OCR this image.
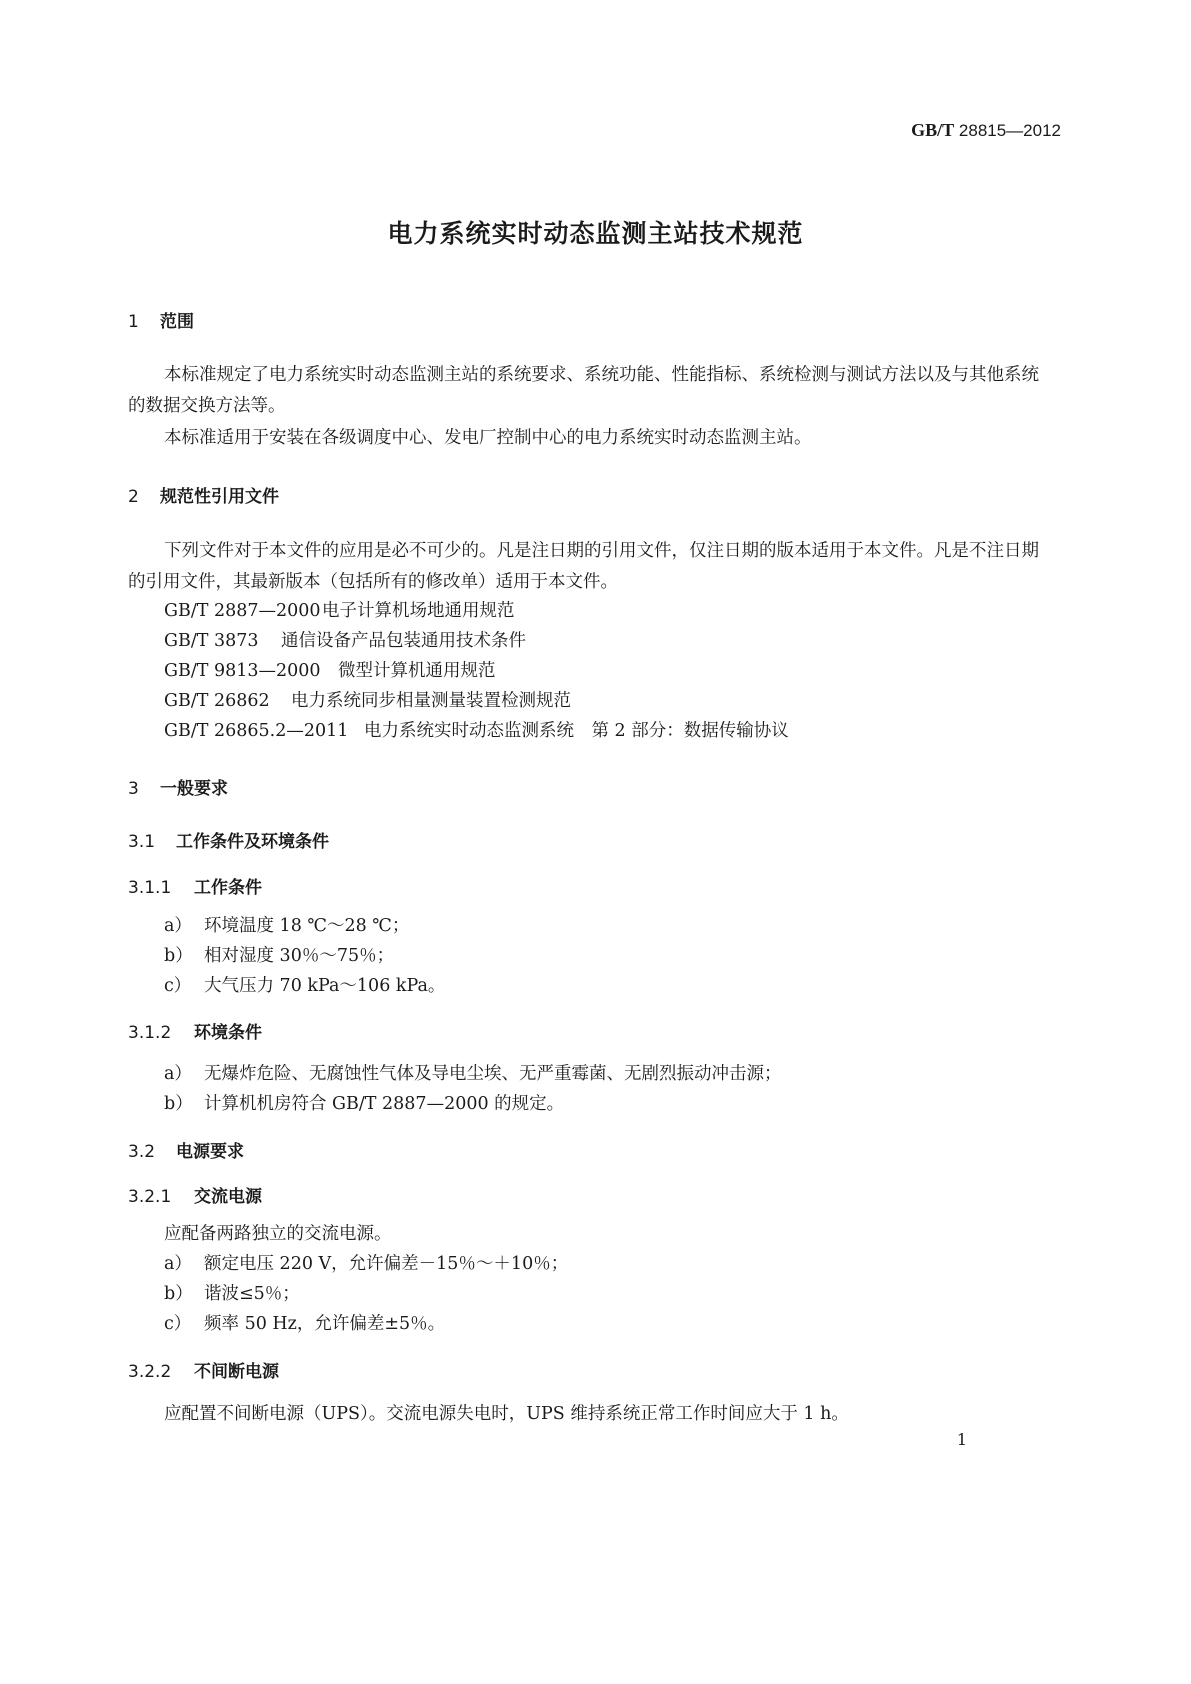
GB/T 28815—2012
电力系统实时动态监测主站技术规范
1 范围
本标准规定了电力系统实时动态监测主站的系统要求、系统功能、性能指标、系统检测与测试方法以及与其他系统的数据交换方法等。
本标准适用于安装在各级调度中心、发电厂控制中心的电力系统实时动态监测主站。
2 规范性引用文件
下列文件对于本文件的应用是必不可少的。凡是注日期的引用文件，仅注日期的版本适用于本文件。凡是不注日期的引用文件，其最新版本（包括所有的修改单）适用于本文件。
GB/T 2887—2000电子计算机场地通用规范
GB/T 3873 通信设备产品包装通用技术条件
GB/T 9813—2000 微型计算机通用规范
GB/T 26862 电力系统同步相量测量装置检测规范
GB/T 26865.2—2011 电力系统实时动态监测系统　第 2 部分：数据传输协议
3 一般要求
3.1 工作条件及环境条件
3.1.1 工作条件
a） 环境温度 18 ℃～28 ℃；
b） 相对湿度 30％～75％；
c） 大气压力 70 kPa～106 kPa。
3.1.2 环境条件
a） 无爆炸危险、无腐蚀性气体及导电尘埃、无严重霉菌、无剧烈振动冲击源；
b） 计算机机房符合 GB/T 2887—2000 的规定。
3.2 电源要求
3.2.1 交流电源
应配备两路独立的交流电源。
a） 额定电压 220 V，允许偏差－15％～＋10％；
b） 谐波≤5％；
c） 频率 50 Hz，允许偏差±5％。
3.2.2 不间断电源
应配置不间断电源（UPS）。交流电源失电时，UPS 维持系统正常工作时间应大于 1 h。
1
